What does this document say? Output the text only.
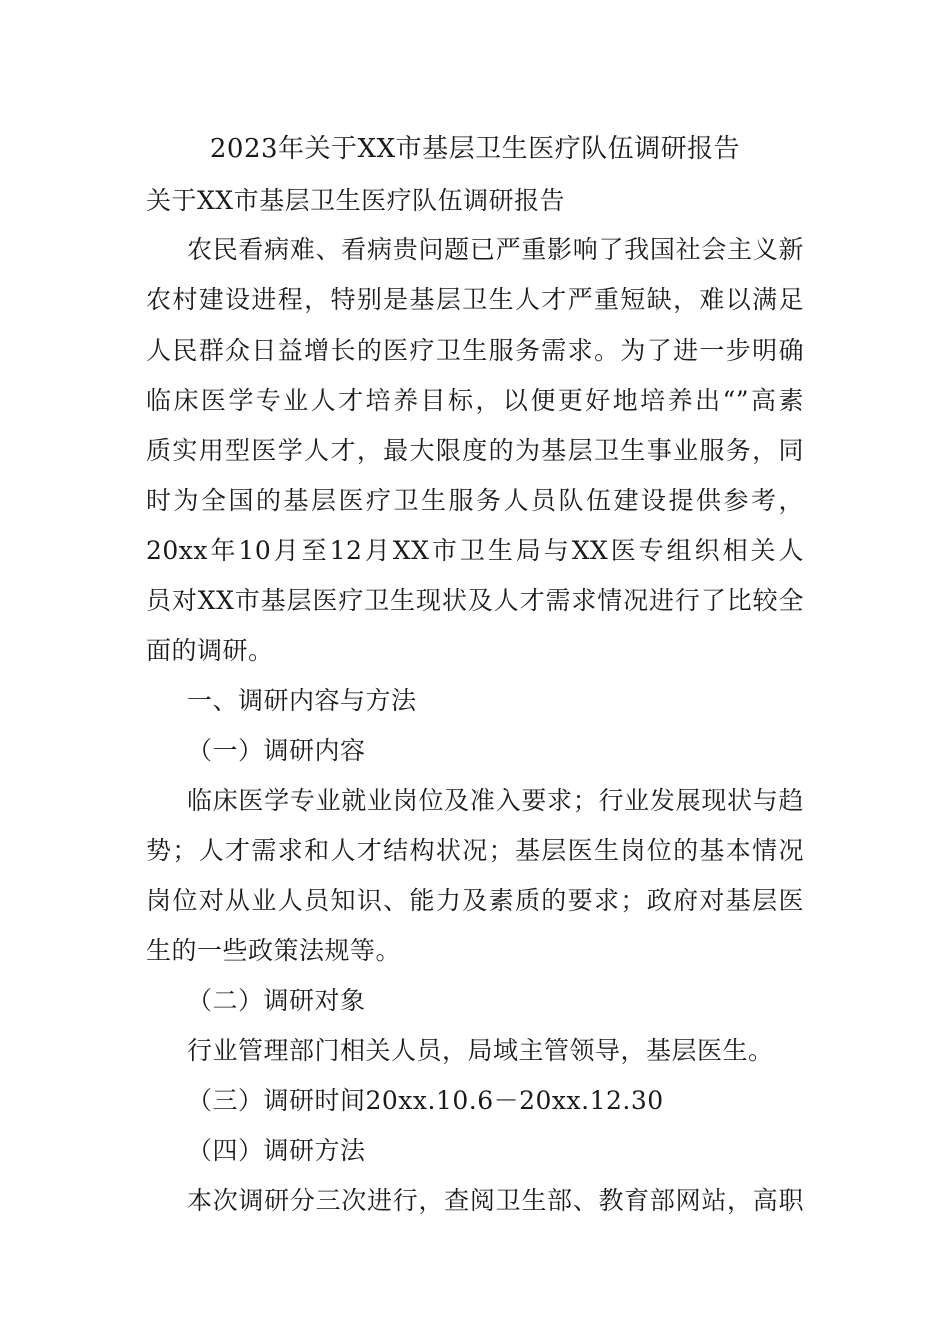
2023年关于XX市基层卫生医疗队伍调研报告
关于XX市基层卫生医疗队伍调研报告
农民看病难、看病贵问题已严重影响了我国社会主义新
农村建设进程，特别是基层卫生人才严重短缺，难以满足
人民群众日益增长的医疗卫生服务需求。为了进一步明确
临床医学专业人才培养目标，以便更好地培养出“”高素
质实用型医学人才，最大限度的为基层卫生事业服务，同
时为全国的基层医疗卫生服务人员队伍建设提供参考，
20xx年10月至12月XX市卫生局与XX医专组织相关人
员对XX市基层医疗卫生现状及人才需求情况进行了比较全
面的调研。
一、调研内容与方法
（一）调研内容
临床医学专业就业岗位及准入要求；行业发展现状与趋
势；人才需求和人才结构状况；基层医生岗位的基本情况
岗位对从业人员知识、能力及素质的要求；政府对基层医
生的一些政策法规等。
（二）调研对象
行业管理部门相关人员，局域主管领导，基层医生。
（三）调研时间20xx.10.6－20xx.12.30
（四）调研方法
本次调研分三次进行，查阅卫生部、教育部网站，高职
